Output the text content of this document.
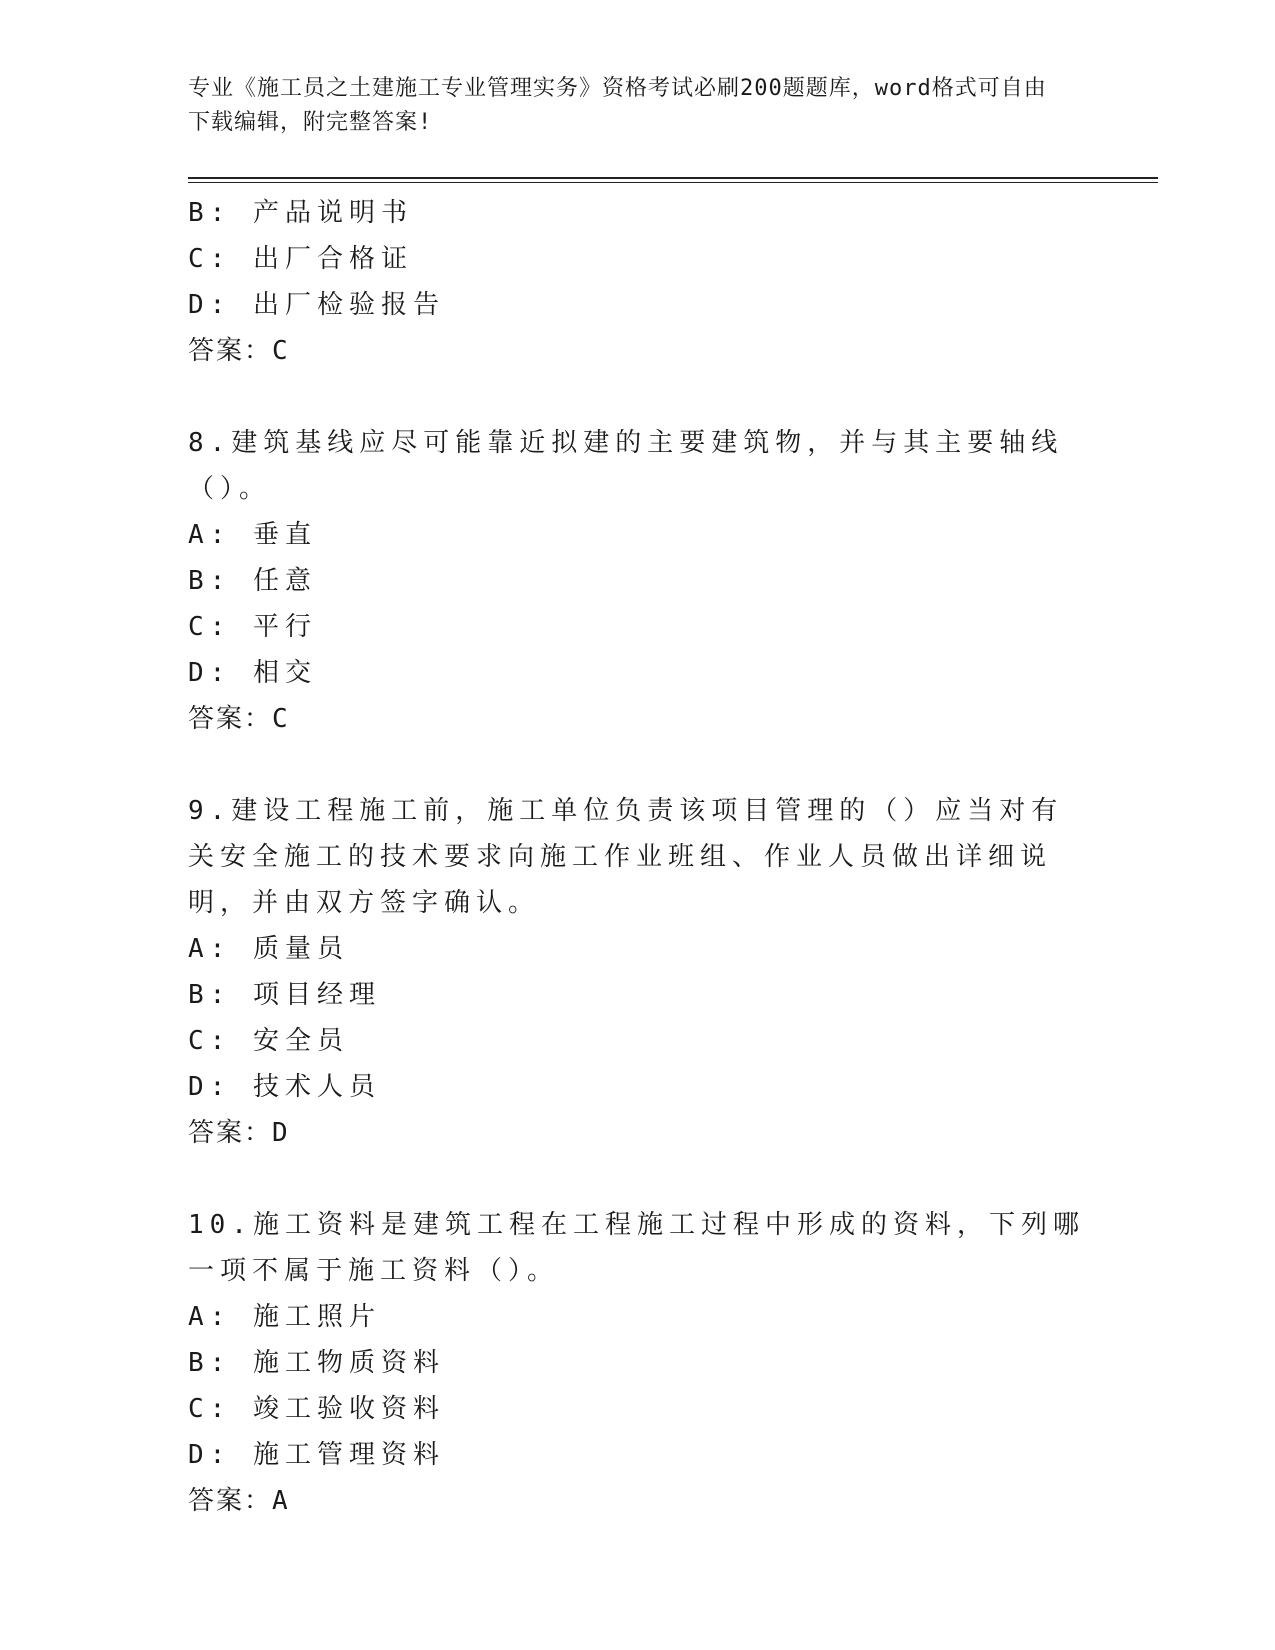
专业《施工员之土建施工专业管理实务》资格考试必刷200题题库，word格式可自由下载编辑，附完整答案!
B: 产品说明书
C: 出厂合格证
D: 出厂检验报告
答案：C
8.建筑基线应尽可能靠近拟建的主要建筑物，并与其主要轴线（）。
A: 垂直
B: 任意
C: 平行
D: 相交
答案：C
9.建设工程施工前，施工单位负责该项目管理的（）应当对有关安全施工的技术要求向施工作业班组、作业人员做出详细说明，并由双方签字确认。
A: 质量员
B: 项目经理
C: 安全员
D: 技术人员
答案：D
10.施工资料是建筑工程在工程施工过程中形成的资料，下列哪一项不属于施工资料（）。
A: 施工照片
B: 施工物质资料
C: 竣工验收资料
D: 施工管理资料
答案：A
